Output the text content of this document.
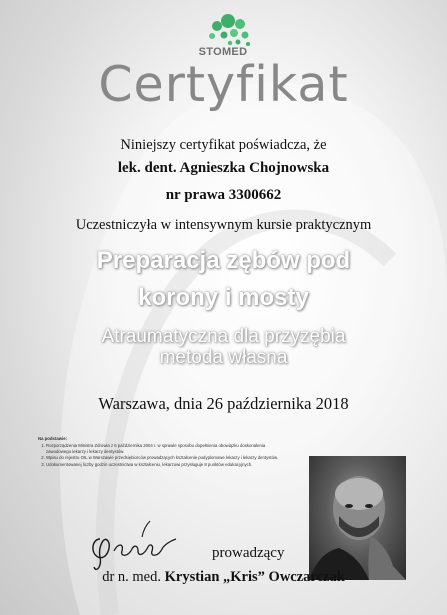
STOMED
Certyfikat
Niniejszy certyfikat poświadcza, że
lek. dent. Agnieszka Chojnowska
nr prawa 3300662
Uczestniczyła w intensywnym kursie praktycznym
Preparacja zębów pod
korony i mosty
Atraumatyczna dla przyzębia
metoda własna
Warszawa, dnia 26 października 2018
Na podstawie:
1. Rozporządzenia Ministra Zdrowia z 6 października 2004 r. w sprawie sposobu dopełnienia obowiązku doskonalenia zawodowego lekarzy i lekarzy dentystów.
2. Wpisu do rejestru OIL w Warszawie przedsiębiorców prowadzących kształcenie podyplomowe lekarzy i lekarzy dentystów.
3. Udokumentowanej liczby godzin uczestnictwa w kształceniu, lekarzowi przysługuje 8 punktów edukacyjnych.
prowadzący
dr n. med. Krystian „Kris” Owczarczak
